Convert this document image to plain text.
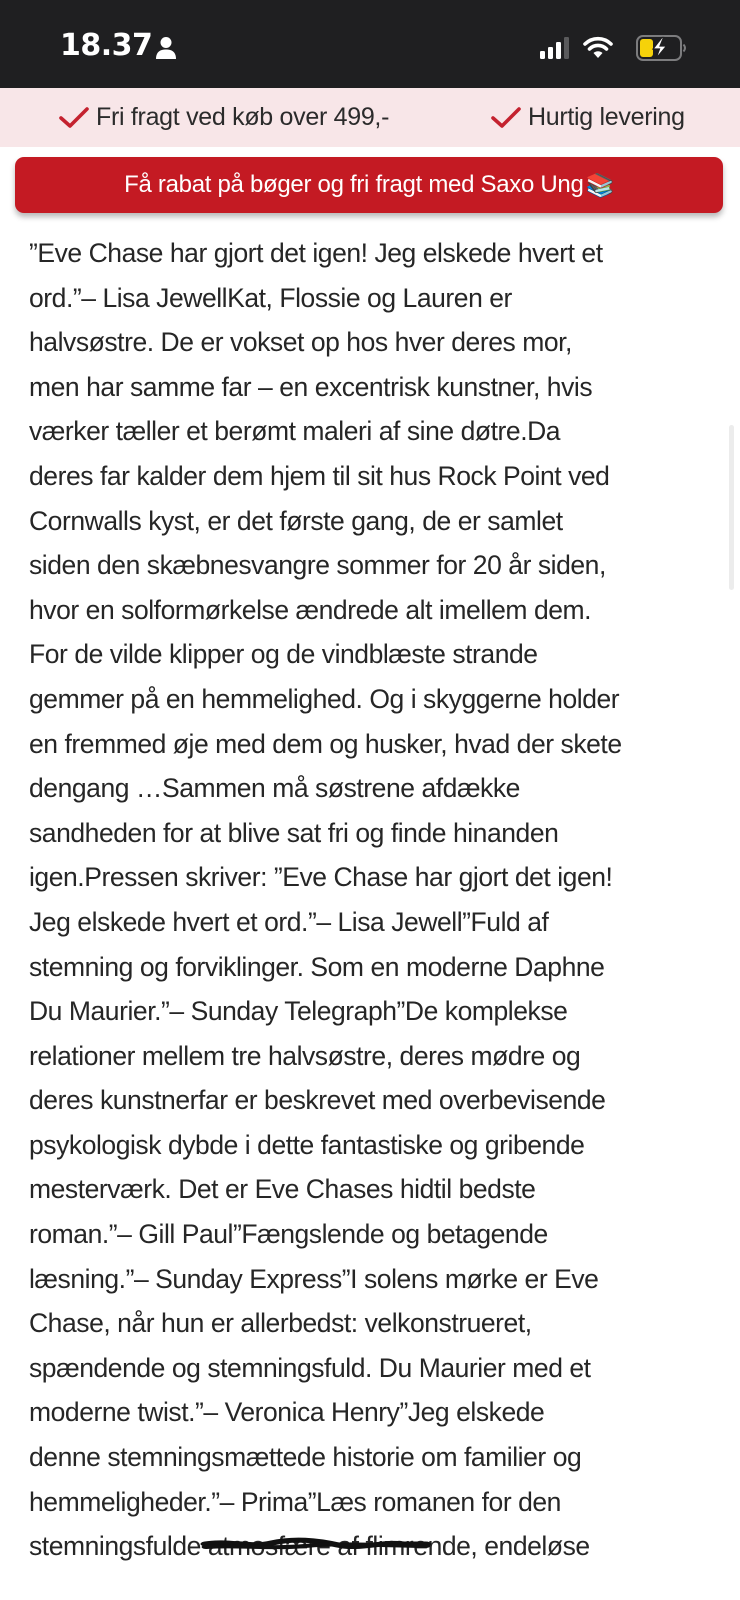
18.37
Fri fragt ved køb over 499,-	Hurtig levering
Få rabat på bøger og fri fragt med Saxo Ung 📚
”Eve Chase har gjort det igen! Jeg elskede hvert et
ord.”– Lisa JewellKat, Flossie og Lauren er
halvsøstre. De er vokset op hos hver deres mor,
men har samme far – en excentrisk kunstner, hvis
værker tæller et berømt maleri af sine døtre.Da
deres far kalder dem hjem til sit hus Rock Point ved
Cornwalls kyst, er det første gang, de er samlet
siden den skæbnesvangre sommer for 20 år siden,
hvor en solformørkelse ændrede alt imellem dem.
For de vilde klipper og de vindblæste strande
gemmer på en hemmelighed. Og i skyggerne holder
en fremmed øje med dem og husker, hvad der skete
dengang …Sammen må søstrene afdække
sandheden for at blive sat fri og finde hinanden
igen.Pressen skriver: ”Eve Chase har gjort det igen!
Jeg elskede hvert et ord.”– Lisa Jewell”Fuld af
stemning og forviklinger. Som en moderne Daphne
Du Maurier.”– Sunday Telegraph”De komplekse
relationer mellem tre halvsøstre, deres mødre og
deres kunstnerfar er beskrevet med overbevisende
psykologisk dybde i dette fantastiske og gribende
mesterværk. Det er Eve Chases hidtil bedste
roman.”– Gill Paul”Fængslende og betagende
læsning.”– Sunday Express”I solens mørke er Eve
Chase, når hun er allerbedst: velkonstrueret,
spændende og stemningsfuld. Du Maurier med et
moderne twist.”– Veronica Henry”Jeg elskede
denne stemningsmættede historie om familier og
hemmeligheder.”– Prima”Læs romanen for den
stemningsfulde atmosfære af flimre
nde, endeløse
